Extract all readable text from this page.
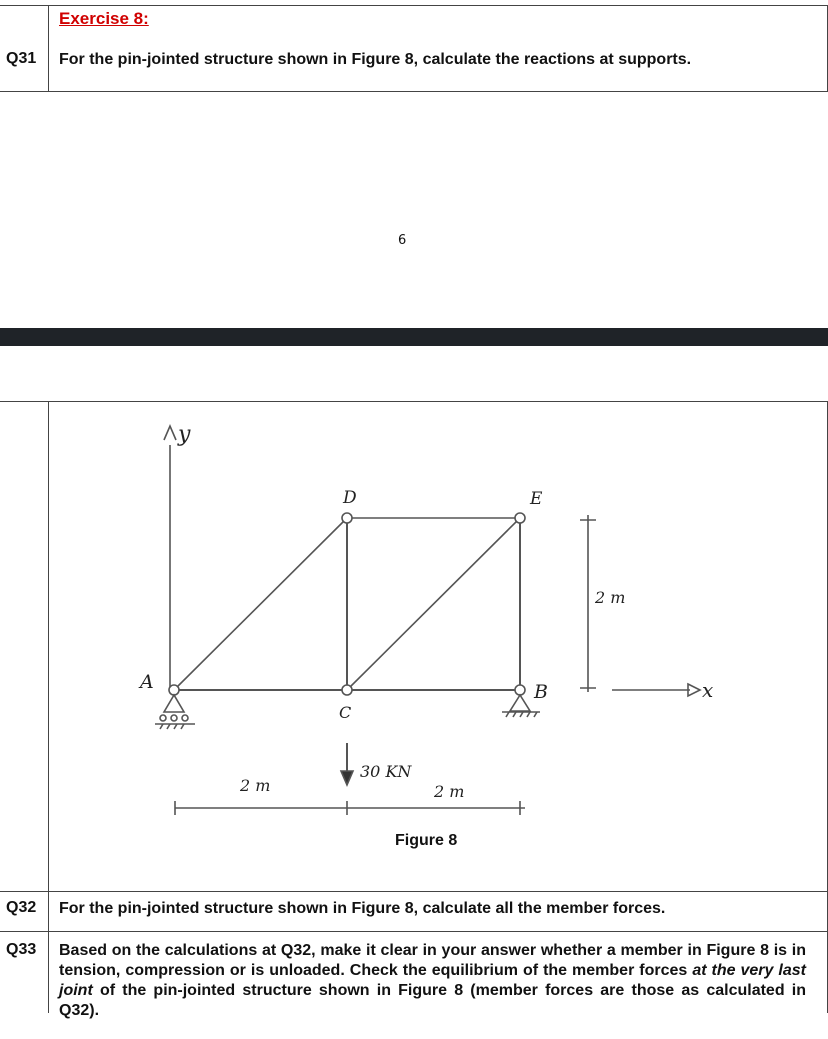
Exercise 8:
Q31 For the pin-jointed structure shown in Figure 8, calculate the reactions at supports.
6
y
x
A	B
C
D	E
30 KN
2 m	2 m
2 m
Figure 8
Q32 For the pin-jointed structure shown in Figure 8, calculate all the member forces.
Q33 Based on the calculations at Q32, make it clear in your answer whether a member in Figure 8 is in tension, compression or is unloaded. Check the equilibrium of the member forces at the very last joint of the pin-jointed structure shown in Figure 8 (member forces are those as calculated in Q32).
